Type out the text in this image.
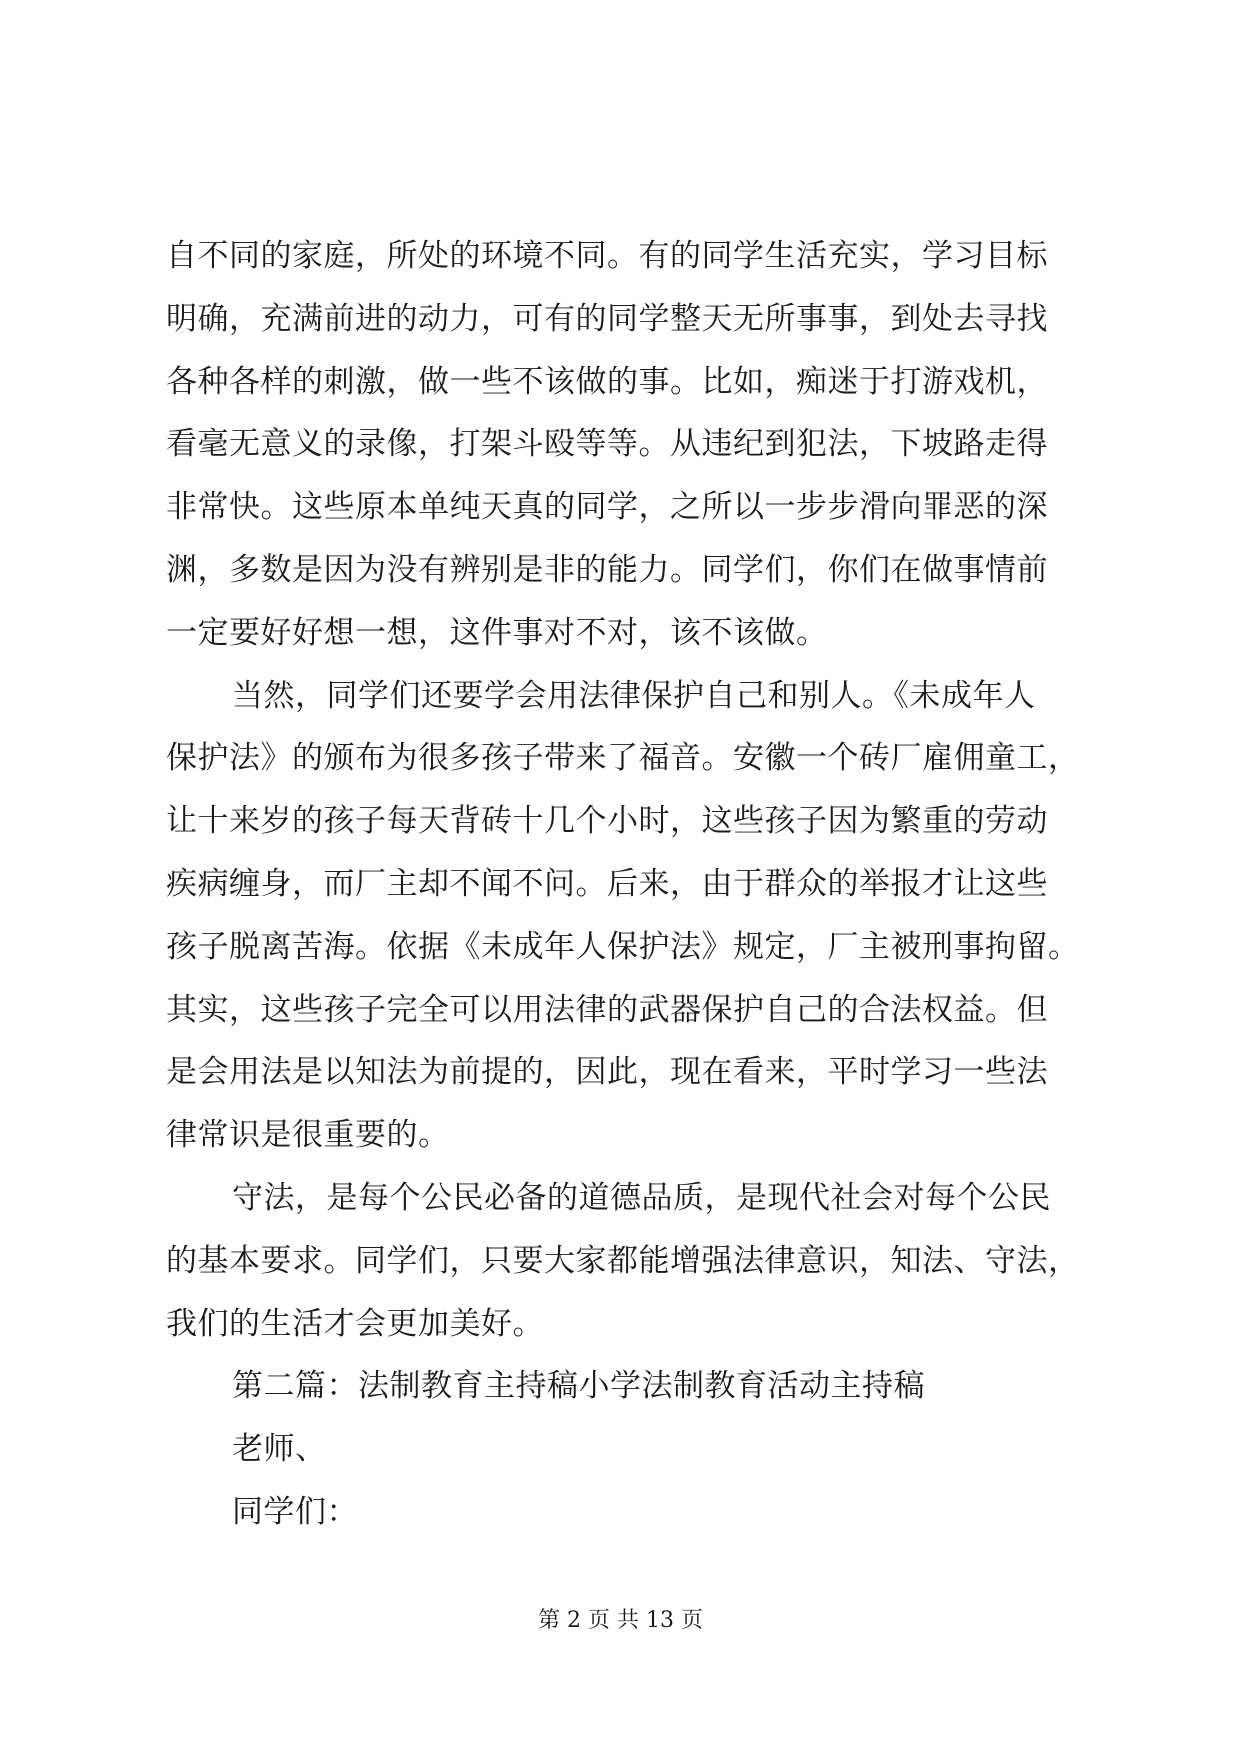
自不同的家庭，所处的环境不同。有的同学生活充实，学习目标
明确，充满前进的动力，可有的同学整天无所事事，到处去寻找
各种各样的刺激，做一些不该做的事。比如，痴迷于打游戏机，
看毫无意义的录像，打架斗殴等等。从违纪到犯法，下坡路走得
非常快。这些原本单纯天真的同学，之所以一步步滑向罪恶的深
渊，多数是因为没有辨别是非的能力。同学们，你们在做事情前
一定要好好想一想，这件事对不对，该不该做。
当然，同学们还要学会用法律保护自己和别人。《未成年人
保护法》的颁布为很多孩子带来了福音。安徽一个砖厂雇佣童工，
让十来岁的孩子每天背砖十几个小时，这些孩子因为繁重的劳动
疾病缠身，而厂主却不闻不问。后来，由于群众的举报才让这些
孩子脱离苦海。依据《未成年人保护法》规定，厂主被刑事拘留。
其实，这些孩子完全可以用法律的武器保护自己的合法权益。但
是会用法是以知法为前提的，因此，现在看来，平时学习一些法
律常识是很重要的。
守法，是每个公民必备的道德品质，是现代社会对每个公民
的基本要求。同学们，只要大家都能增强法律意识，知法、守法，
我们的生活才会更加美好。
第二篇：法制教育主持稿小学法制教育活动主持稿
老师、
同学们：
第 2 页 共 13 页
